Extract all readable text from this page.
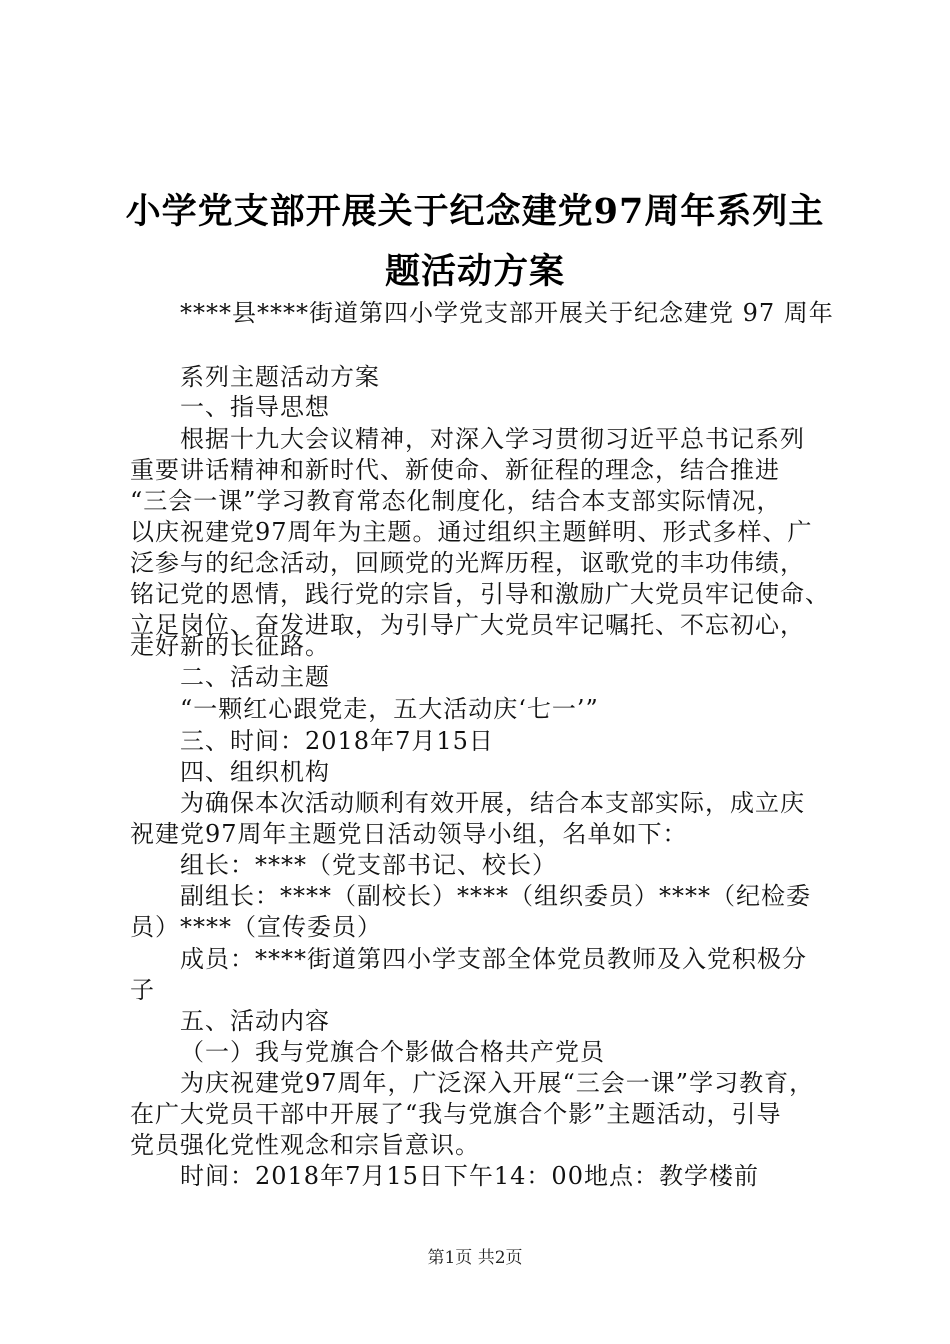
小学党支部开展关于纪念建党97周年系列主
题活动方案
****县****街道第四小学党支部开展关于纪念建党 97 周年
系列主题活动方案
一、指导思想
根据十九大会议精神，对深入学习贯彻习近平总书记系列
重要讲话精神和新时代、新使命、新征程的理念，结合推进
“三会一课”学习教育常态化制度化，结合本支部实际情况，
以庆祝建党97周年为主题。通过组织主题鲜明、形式多样、广
泛参与的纪念活动，回顾党的光辉历程，讴歌党的丰功伟绩，
铭记党的恩情，践行党的宗旨，引导和激励广大党员牢记使命、
立足岗位、奋发进取，为引导广大党员牢记嘱托、不忘初心，
走好新的长征路。
二、活动主题
“一颗红心跟党走，五大活动庆‘七一’”
三、时间：2018年7月15日
四、组织机构
为确保本次活动顺利有效开展，结合本支部实际，成立庆
祝建党97周年主题党日活动领导小组，名单如下：
组长：****（党支部书记、校长）
副组长：****（副校长）****（组织委员）****（纪检委
员）****（宣传委员）
成员：****街道第四小学支部全体党员教师及入党积极分
子
五、活动内容
（一）我与党旗合个影做合格共产党员
为庆祝建党97周年，广泛深入开展“三会一课”学习教育，
在广大党员干部中开展了“我与党旗合个影”主题活动，引导
党员强化党性观念和宗旨意识。
时间：2018年7月15日下午14：00地点：教学楼前
第1页 共2页
